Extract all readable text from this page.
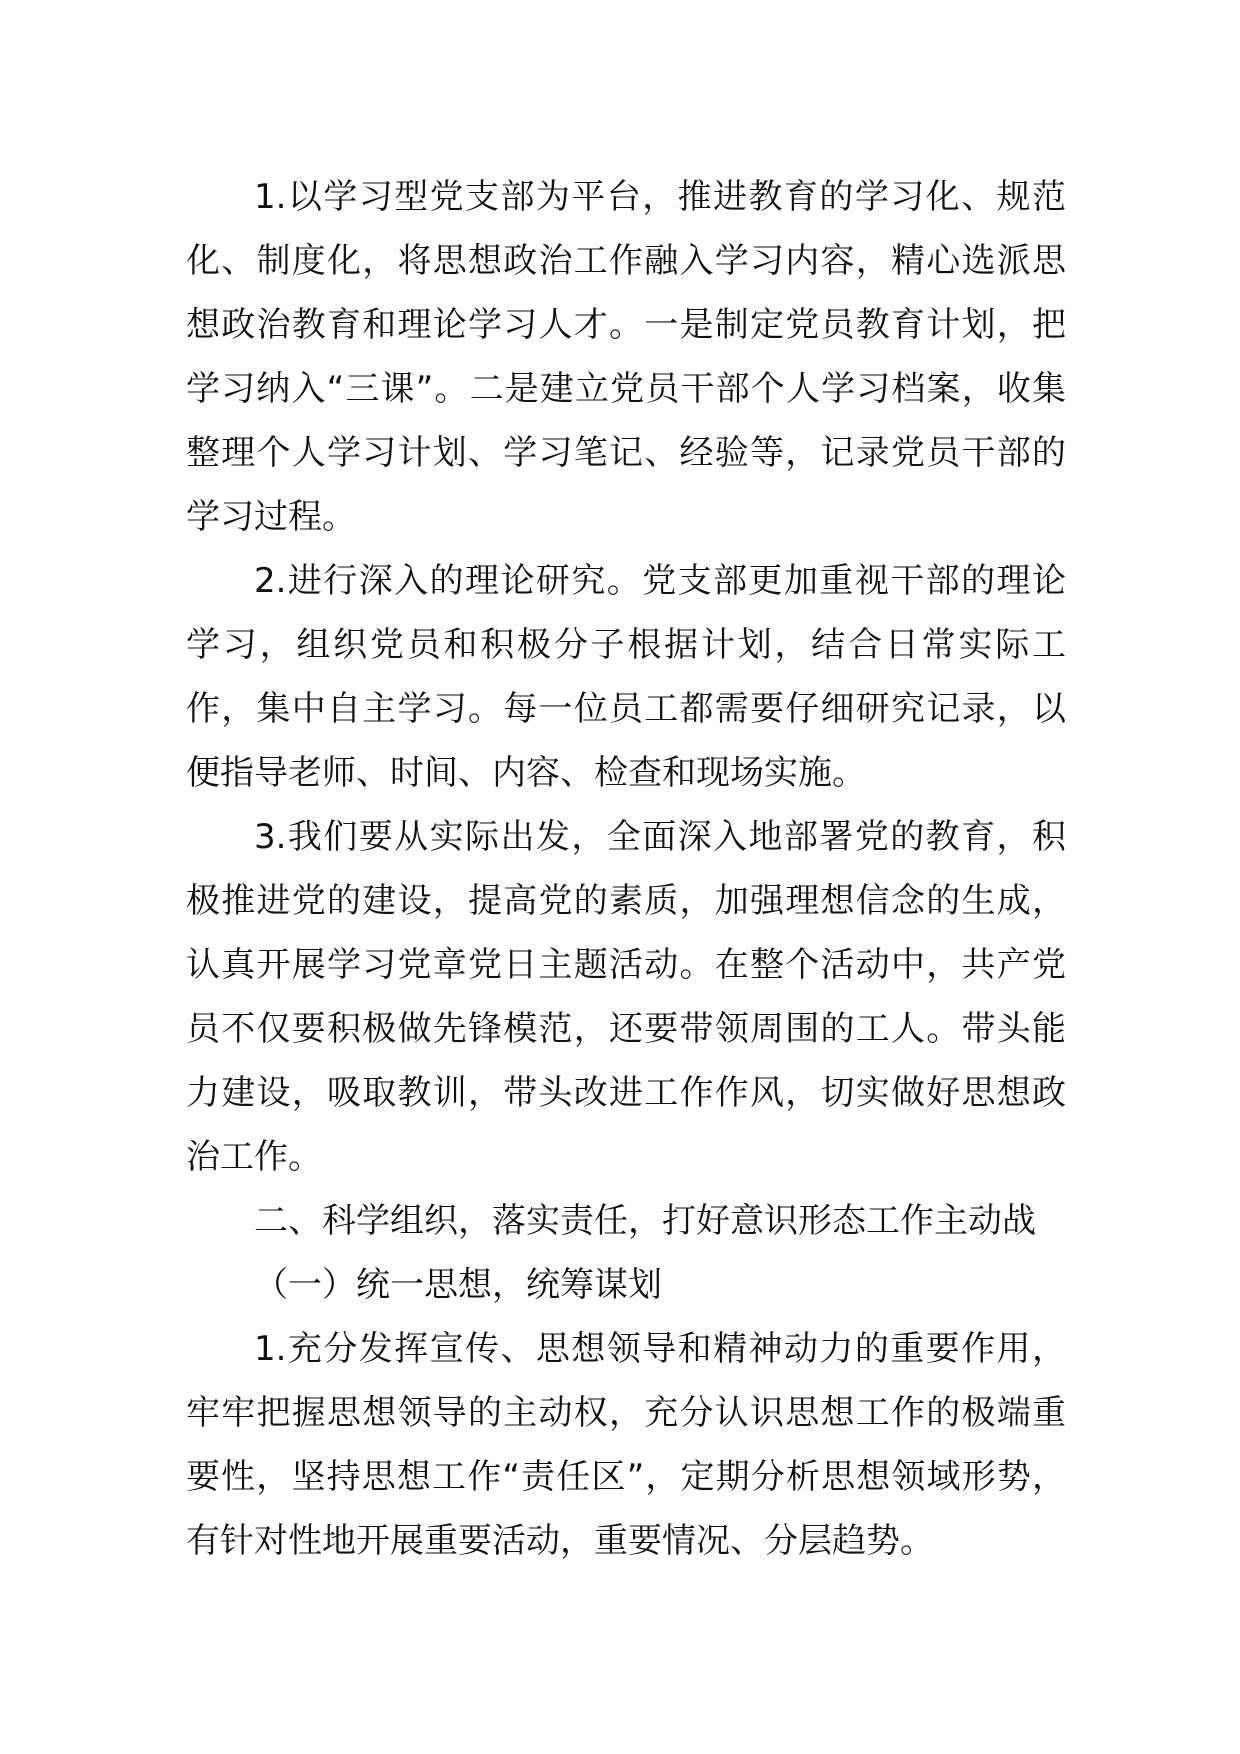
1.以学习型党支部为平台，推进教育的学习化、规范化、制度化，将思想政治工作融入学习内容，精心选派思想政治教育和理论学习人才。一是制定党员教育计划，把学习纳入“三课”。二是建立党员干部个人学习档案，收集整理个人学习计划、学习笔记、经验等，记录党员干部的学习过程。

2.进行深入的理论研究。党支部更加重视干部的理论学习，组织党员和积极分子根据计划，结合日常实际工作，集中自主学习。每一位员工都需要仔细研究记录，以便指导老师、时间、内容、检查和现场实施。

3.我们要从实际出发，全面深入地部署党的教育，积极推进党的建设，提高党的素质，加强理想信念的生成，认真开展学习党章党日主题活动。在整个活动中，共产党员不仅要积极做先锋模范，还要带领周围的工人。带头能力建设，吸取教训，带头改进工作作风，切实做好思想政治工作。

二、科学组织，落实责任，打好意识形态工作主动战

（一）统一思想，统筹谋划

1.充分发挥宣传、思想领导和精神动力的重要作用，牢牢把握思想领导的主动权，充分认识思想工作的极端重要性，坚持思想工作“责任区”，定期分析思想领域形势，有针对性地开展重要活动，重要情况、分层趋势。
